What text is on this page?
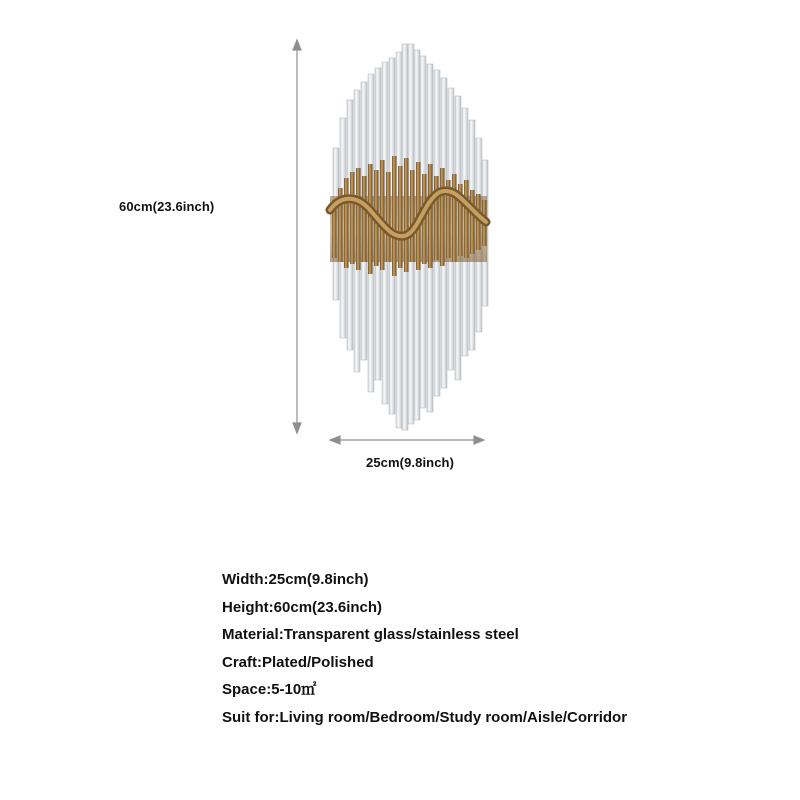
60cm(23.6inch)
25cm(9.8inch)
Width:25cm(9.8inch)
Height:60cm(23.6inch)
Material:Transparent glass/stainless steel
Craft:Plated/Polished
Space:5-10㎡
Suit for:Living room/Bedroom/Study room/Aisle/Corridor
